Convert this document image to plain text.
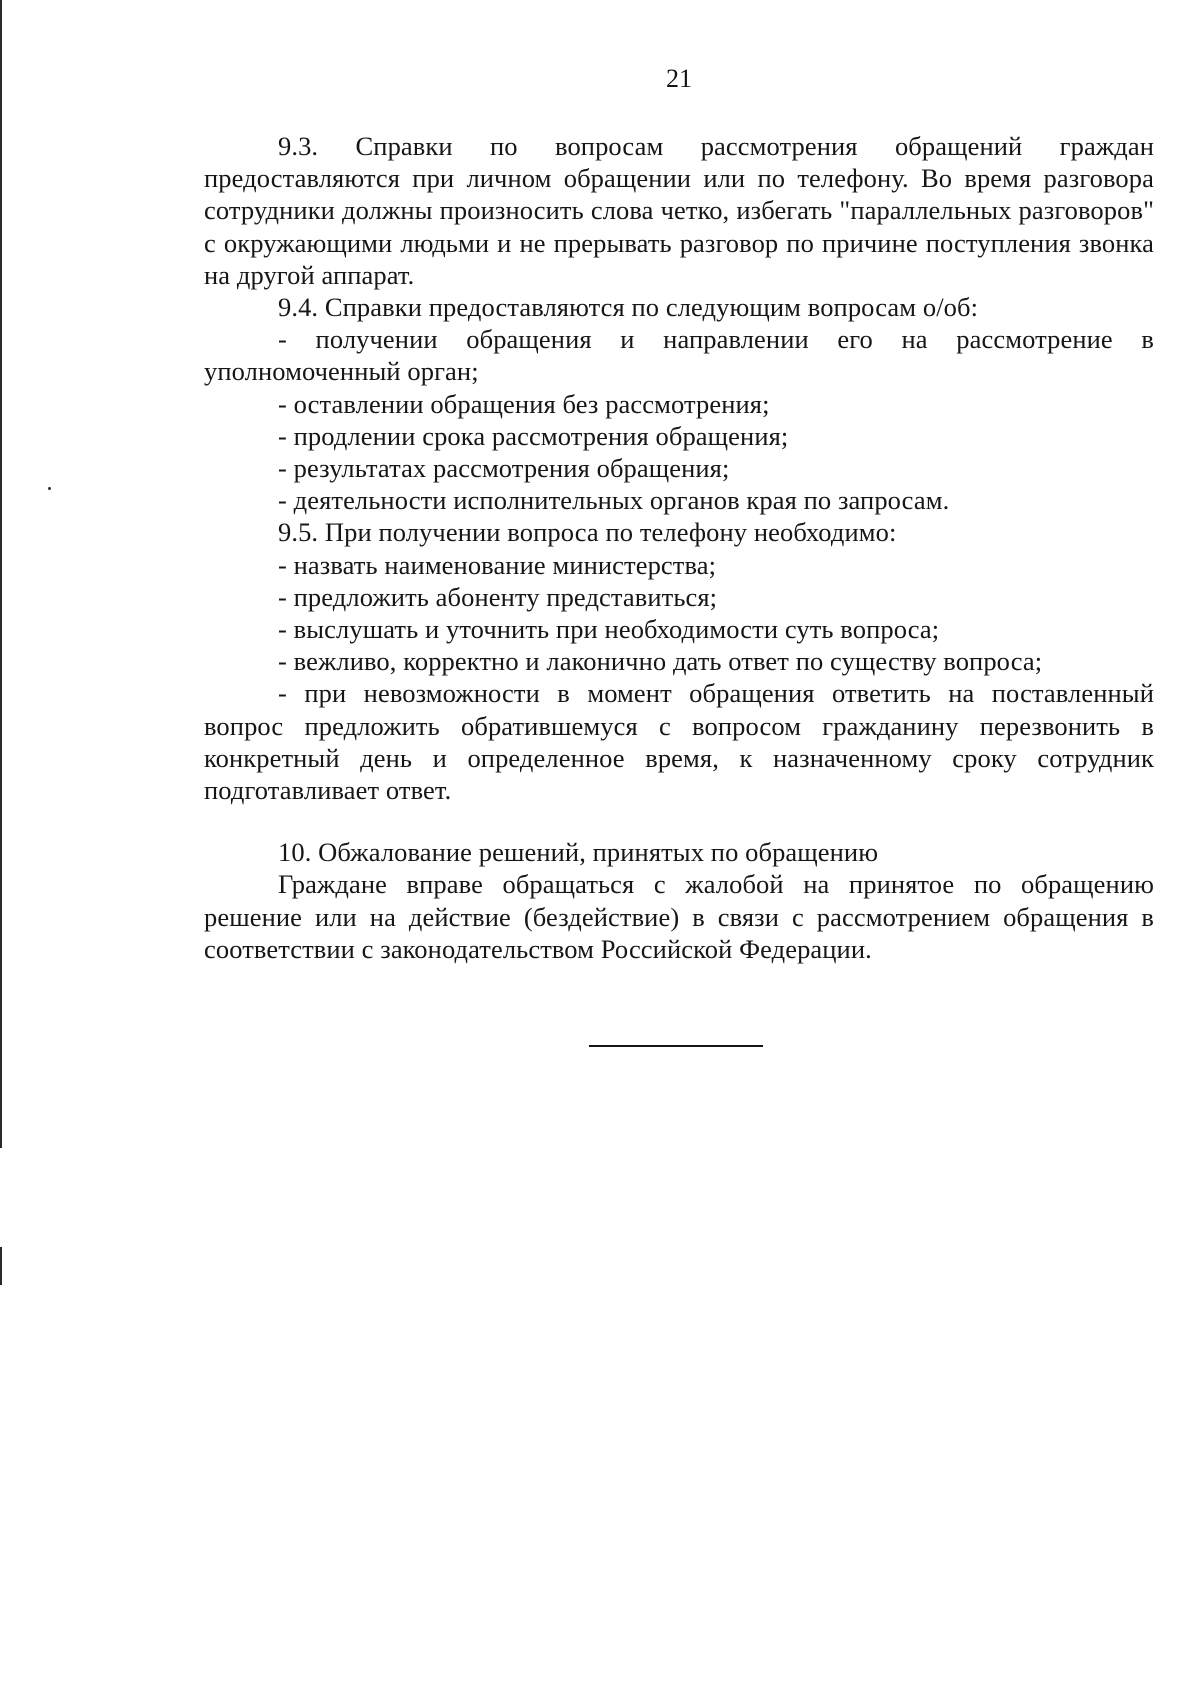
21

9.3. Справки по вопросам рассмотрения обращений граждан предоставляются при личном обращении или по телефону. Во время разговора сотрудники должны произносить слова четко, избегать "параллельных разговоров" с окружающими людьми и не прерывать разговор по причине поступления звонка на другой аппарат.

9.4. Справки предоставляются по следующим вопросам о/об:

- получении обращения и направлении его на рассмотрение в уполномоченный орган;

- оставлении обращения без рассмотрения;

- продлении срока рассмотрения обращения;

- результатах рассмотрения обращения;

- деятельности исполнительных органов края по запросам.

9.5. При получении вопроса по телефону необходимо:

- назвать наименование министерства;

- предложить абоненту представиться;

- выслушать и уточнить при необходимости суть вопроса;

- вежливо, корректно и лаконично дать ответ по существу вопроса;

- при невозможности в момент обращения ответить на поставленный вопрос предложить обратившемуся с вопросом гражданину перезвонить в конкретный день и определенное время, к назначенному сроку сотрудник подготавливает ответ.

10. Обжалование решений, принятых по обращению

Граждане вправе обращаться с жалобой на принятое по обращению решение или на действие (бездействие) в связи с рассмотрением обращения в соответствии с законодательством Российской Федерации.
